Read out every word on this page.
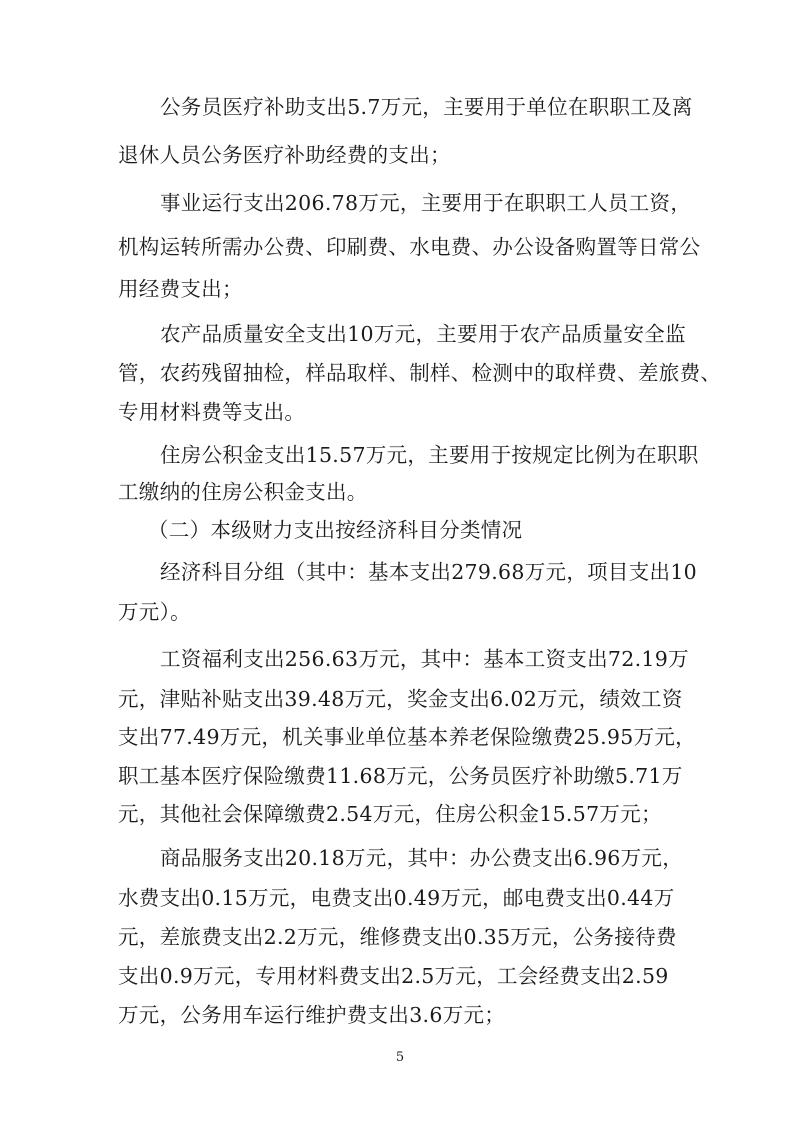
公务员医疗补助支出5.7万元，主要用于单位在职职工及离
退休人员公务医疗补助经费的支出；
事业运行支出206.78万元，主要用于在职职工人员工资，
机构运转所需办公费、印刷费、水电费、办公设备购置等日常公
用经费支出；
农产品质量安全支出10万元，主要用于农产品质量安全监
管，农药残留抽检，样品取样、制样、检测中的取样费、差旅费、
专用材料费等支出。
住房公积金支出15.57万元，主要用于按规定比例为在职职
工缴纳的住房公积金支出。
（二）本级财力支出按经济科目分类情况
经济科目分组（其中：基本支出279.68万元，项目支出10
万元）。
工资福利支出256.63万元，其中：基本工资支出72.19万
元，津贴补贴支出39.48万元，奖金支出6.02万元，绩效工资
支出77.49万元，机关事业单位基本养老保险缴费25.95万元，
职工基本医疗保险缴费11.68万元，公务员医疗补助缴5.71万
元，其他社会保障缴费2.54万元，住房公积金15.57万元；
商品服务支出20.18万元，其中：办公费支出6.96万元，
水费支出0.15万元，电费支出0.49万元，邮电费支出0.44万
元，差旅费支出2.2万元，维修费支出0.35万元，公务接待费
支出0.9万元，专用材料费支出2.5万元，工会经费支出2.59
万元，公务用车运行维护费支出3.6万元；
5
